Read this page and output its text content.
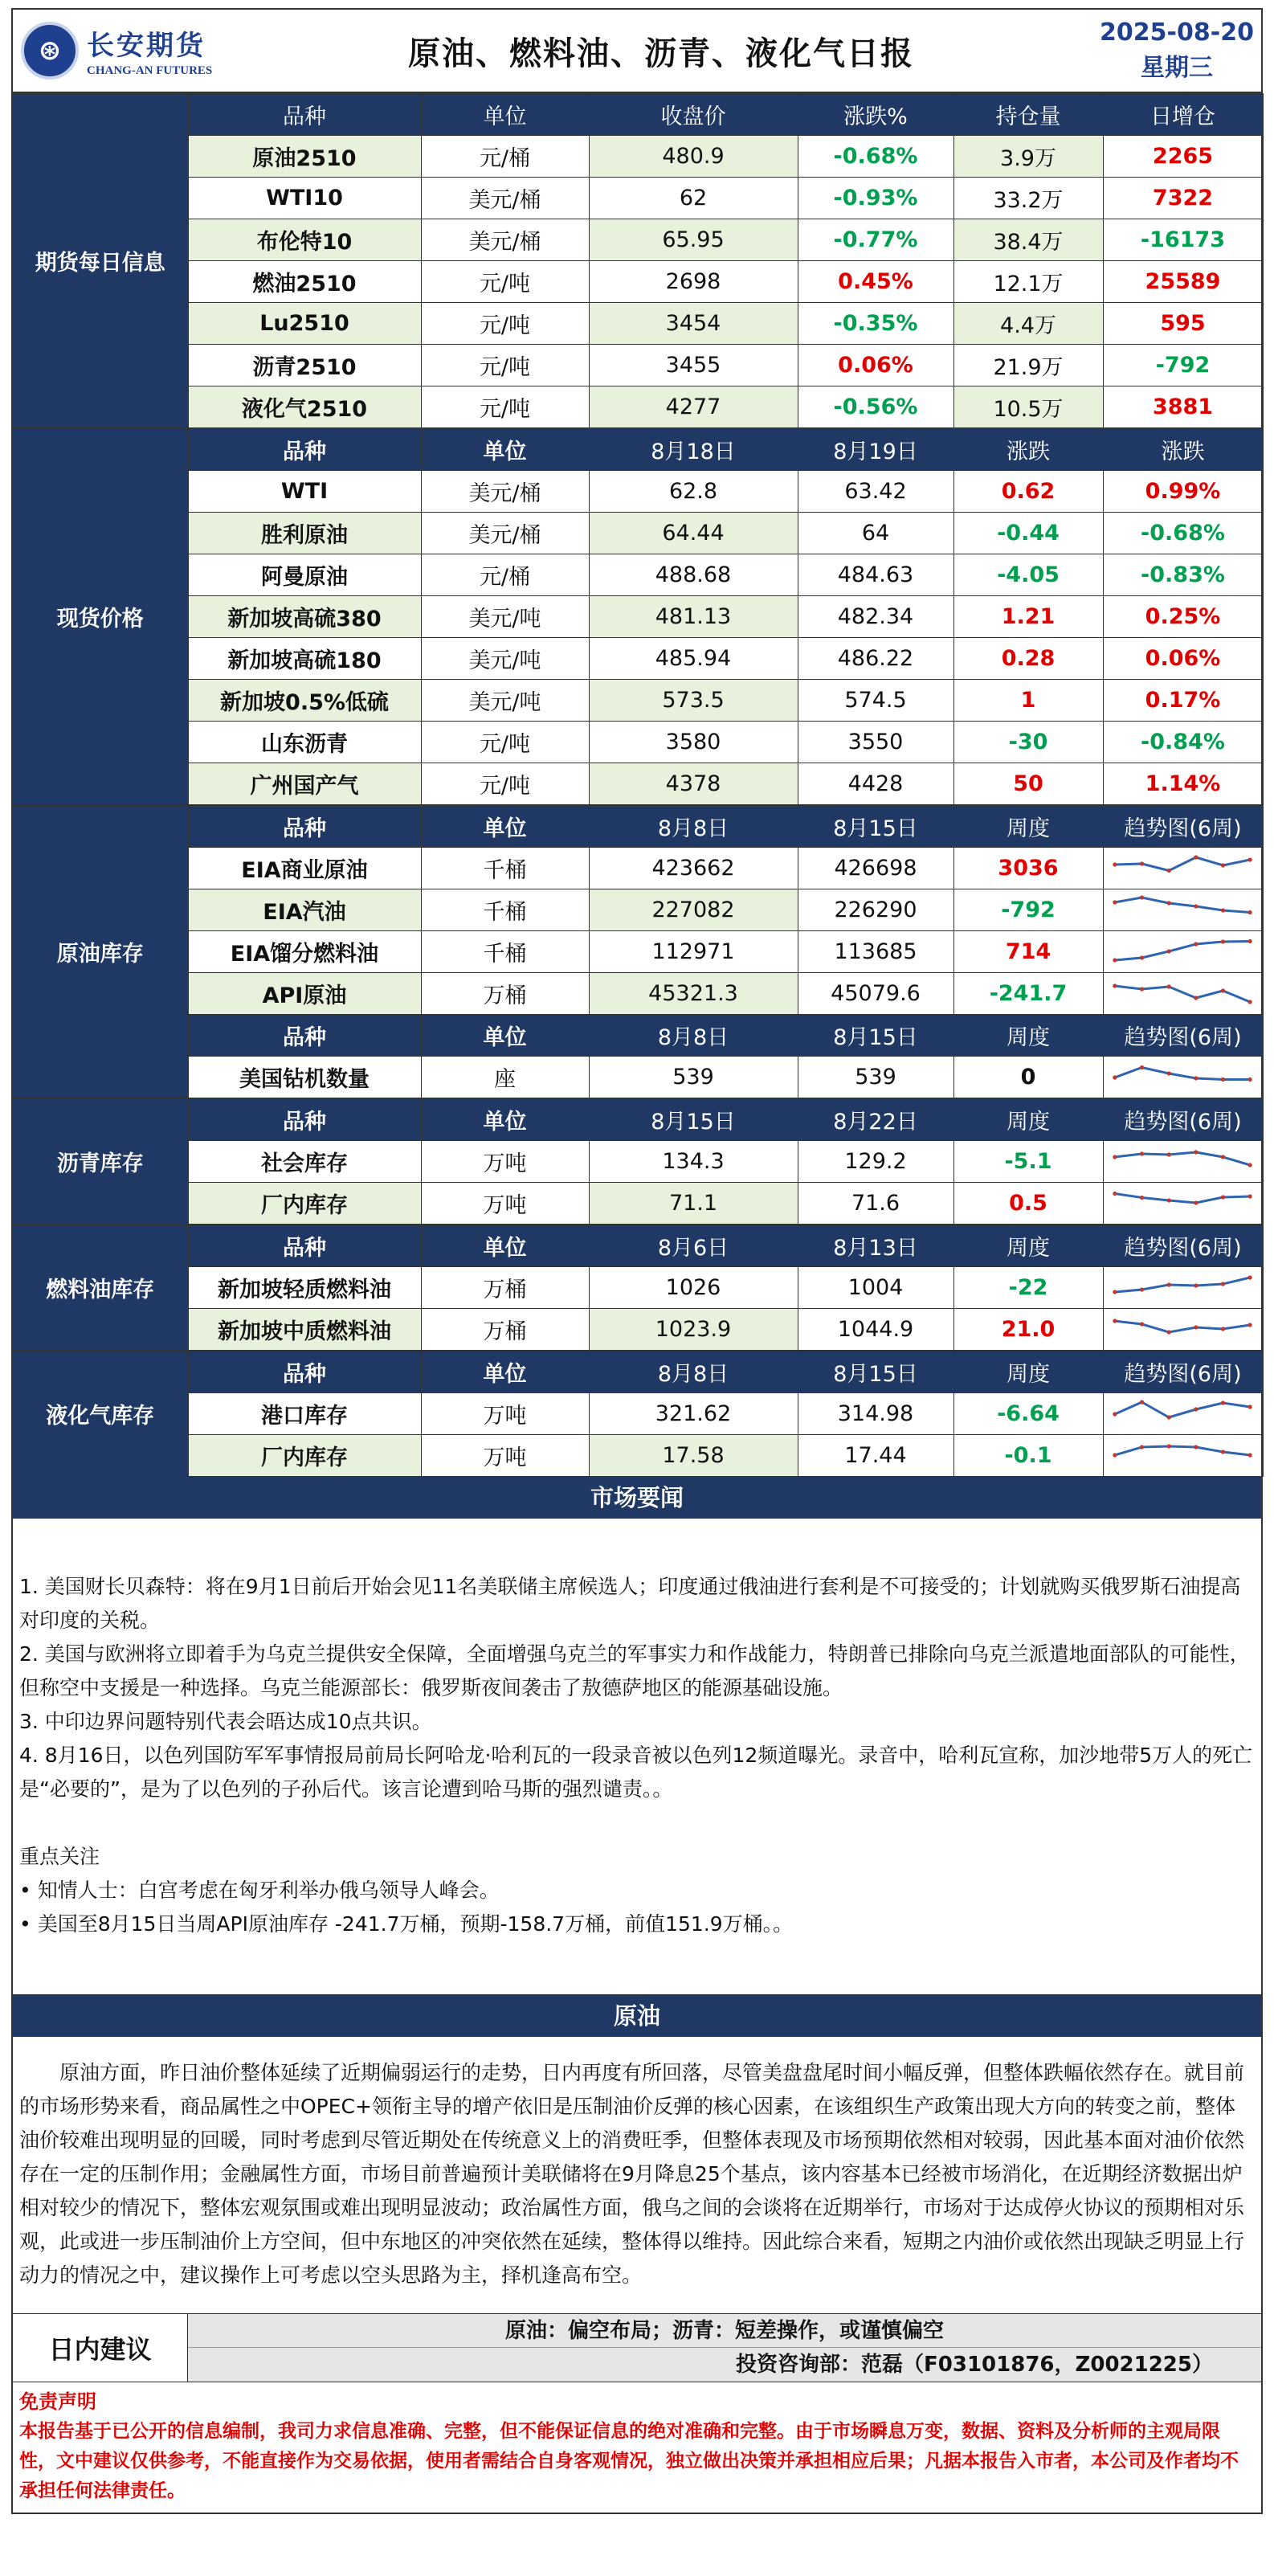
⊛ 长安期货
CHANG-AN FUTURES	原油、燃料油、沥青、液化气日报
2025-08-20
星期三
期货每日信息	品种	单位	收盘价	涨跌%	持仓量	日增仓
	原油2510	元/桶	480.9	-0.68%	3.9万	2265
	WTI10	美元/桶	62	-0.93%	33.2万	7322
	布伦特10	美元/桶	65.95	-0.77%	38.4万	-16173
	燃油2510	元/吨	2698	0.45%	12.1万	25589
	Lu2510	元/吨	3454	-0.35%	4.4万	595
	沥青2510	元/吨	3455	0.06%	21.9万	-792
	液化气2510	元/吨	4277	-0.56%	10.5万	3881
现货价格	品种	单位	8月18日	8月19日	涨跌	涨跌
	WTI	美元/桶	62.8	63.42	0.62	0.99%
	胜利原油	美元/桶	64.44	64	-0.44	-0.68%
	阿曼原油	元/桶	488.68	484.63	-4.05	-0.83%
	新加坡高硫380	美元/吨	481.13	482.34	1.21	0.25%
	新加坡高硫180	美元/吨	485.94	486.22	0.28	0.06%
	新加坡0.5%低硫	美元/吨	573.5	574.5	1	0.17%
	山东沥青	元/吨	3580	3550	-30	-0.84%
	广州国产气	元/吨	4378	4428	50	1.14%
原油库存	品种	单位	8月8日	8月15日	周度	趋势图(6周)
	EIA商业原油	千桶	423662	426698	3036	

	EIA汽油	千桶	227082	226290	-792	

	EIA馏分燃料油	千桶	112971	113685	714	

	API原油	万桶	45321.3	45079.6	-241.7	

	品种	单位	8月8日	8月15日	周度	趋势图(6周)
	美国钻机数量	座	539	539	0	
沥青库存	品种	单位	8月15日	8月22日	周度	趋势图(6周)
	社会库存	万吨	134.3	129.2	-5.1	

	厂内库存	万吨	71.1	71.6	0.5	
燃料油库存	品种	单位	8月6日	8月13日	周度	趋势图(6周)
	新加坡轻质燃料油	万桶	1026	1004	-22	

	新加坡中质燃料油	万桶	1023.9	1044.9	21.0	
液化气库存	品种	单位	8月8日	8月15日	周度	趋势图(6周)
	港口库存	万吨	321.62	314.98	-6.64	

	厂内库存	万吨	17.58	17.44	-0.1	
市场要闻

1. 美国财长贝森特：将在9月1日前后开始会见11名美联储主席候选人；印度通过俄油进行套利是不可接受的；计划就购买俄罗斯石油提高对印度的关税。

2. 美国与欧洲将立即着手为乌克兰提供安全保障，全面增强乌克兰的军事实力和作战能力，特朗普已排除向乌克兰派遣地面部队的可能性，但称空中支援是一种选择。乌克兰能源部长：俄罗斯夜间袭击了敖德萨地区的能源基础设施。

3. 中印边界问题特别代表会晤达成10点共识。

4. 8月16日，以色列国防军军事情报局前局长阿哈龙·哈利瓦的一段录音被以色列12频道曝光。录音中，哈利瓦宣称，加沙地带5万人的死亡是“必要的”，是为了以色列的子孙后代。该言论遭到哈马斯的强烈谴责。。

重点关注

• 知情人士：白宫考虑在匈牙利举办俄乌领导人峰会。

• 美国至8月15日当周API原油库存 -241.7万桶，预期-158.7万桶，前值151.9万桶。。

原油
原油方面，昨日油价整体延续了近期偏弱运行的走势，日内再度有所回落，尽管美盘盘尾时间小幅反弹，但整体跌幅依然存在。就目前的市场形势来看，商品属性之中OPEC+领衔主导的增产依旧是压制油价反弹的核心因素，在该组织生产政策出现大方向的转变之前，整体油价较难出现明显的回暖，同时考虑到尽管近期处在传统意义上的消费旺季，但整体表现及市场预期依然相对较弱，因此基本面对油价依然存在一定的压制作用；金融属性方面，市场目前普遍预计美联储将在9月降息25个基点，该内容基本已经被市场消化，在近期经济数据出炉相对较少的情况下，整体宏观氛围或难出现明显波动；政治属性方面，俄乌之间的会谈将在近期举行，市场对于达成停火协议的预期相对乐观，此或进一步压制油价上方空间，但中东地区的冲突依然在延续，整体得以维持。因此综合来看，短期之内油价或依然出现缺乏明显上行动力的情况之中，建议操作上可考虑以空头思路为主，择机逢高布空。
日内建议
原油：偏空布局；沥青：短差操作，或谨慎偏空
投资咨询部：范磊（F03101876，Z0021225）
免责声明
本报告基于已公开的信息编制，我司力求信息准确、完整，但不能保证信息的绝对准确和完整。由于市场瞬息万变，数据、资料及分析师的主观局限性，文中建议仅供参考，不能直接作为交易依据，使用者需结合自身客观情况，独立做出决策并承担相应后果；凡据本报告入市者，本公司及作者均不承担任何法律责任。
